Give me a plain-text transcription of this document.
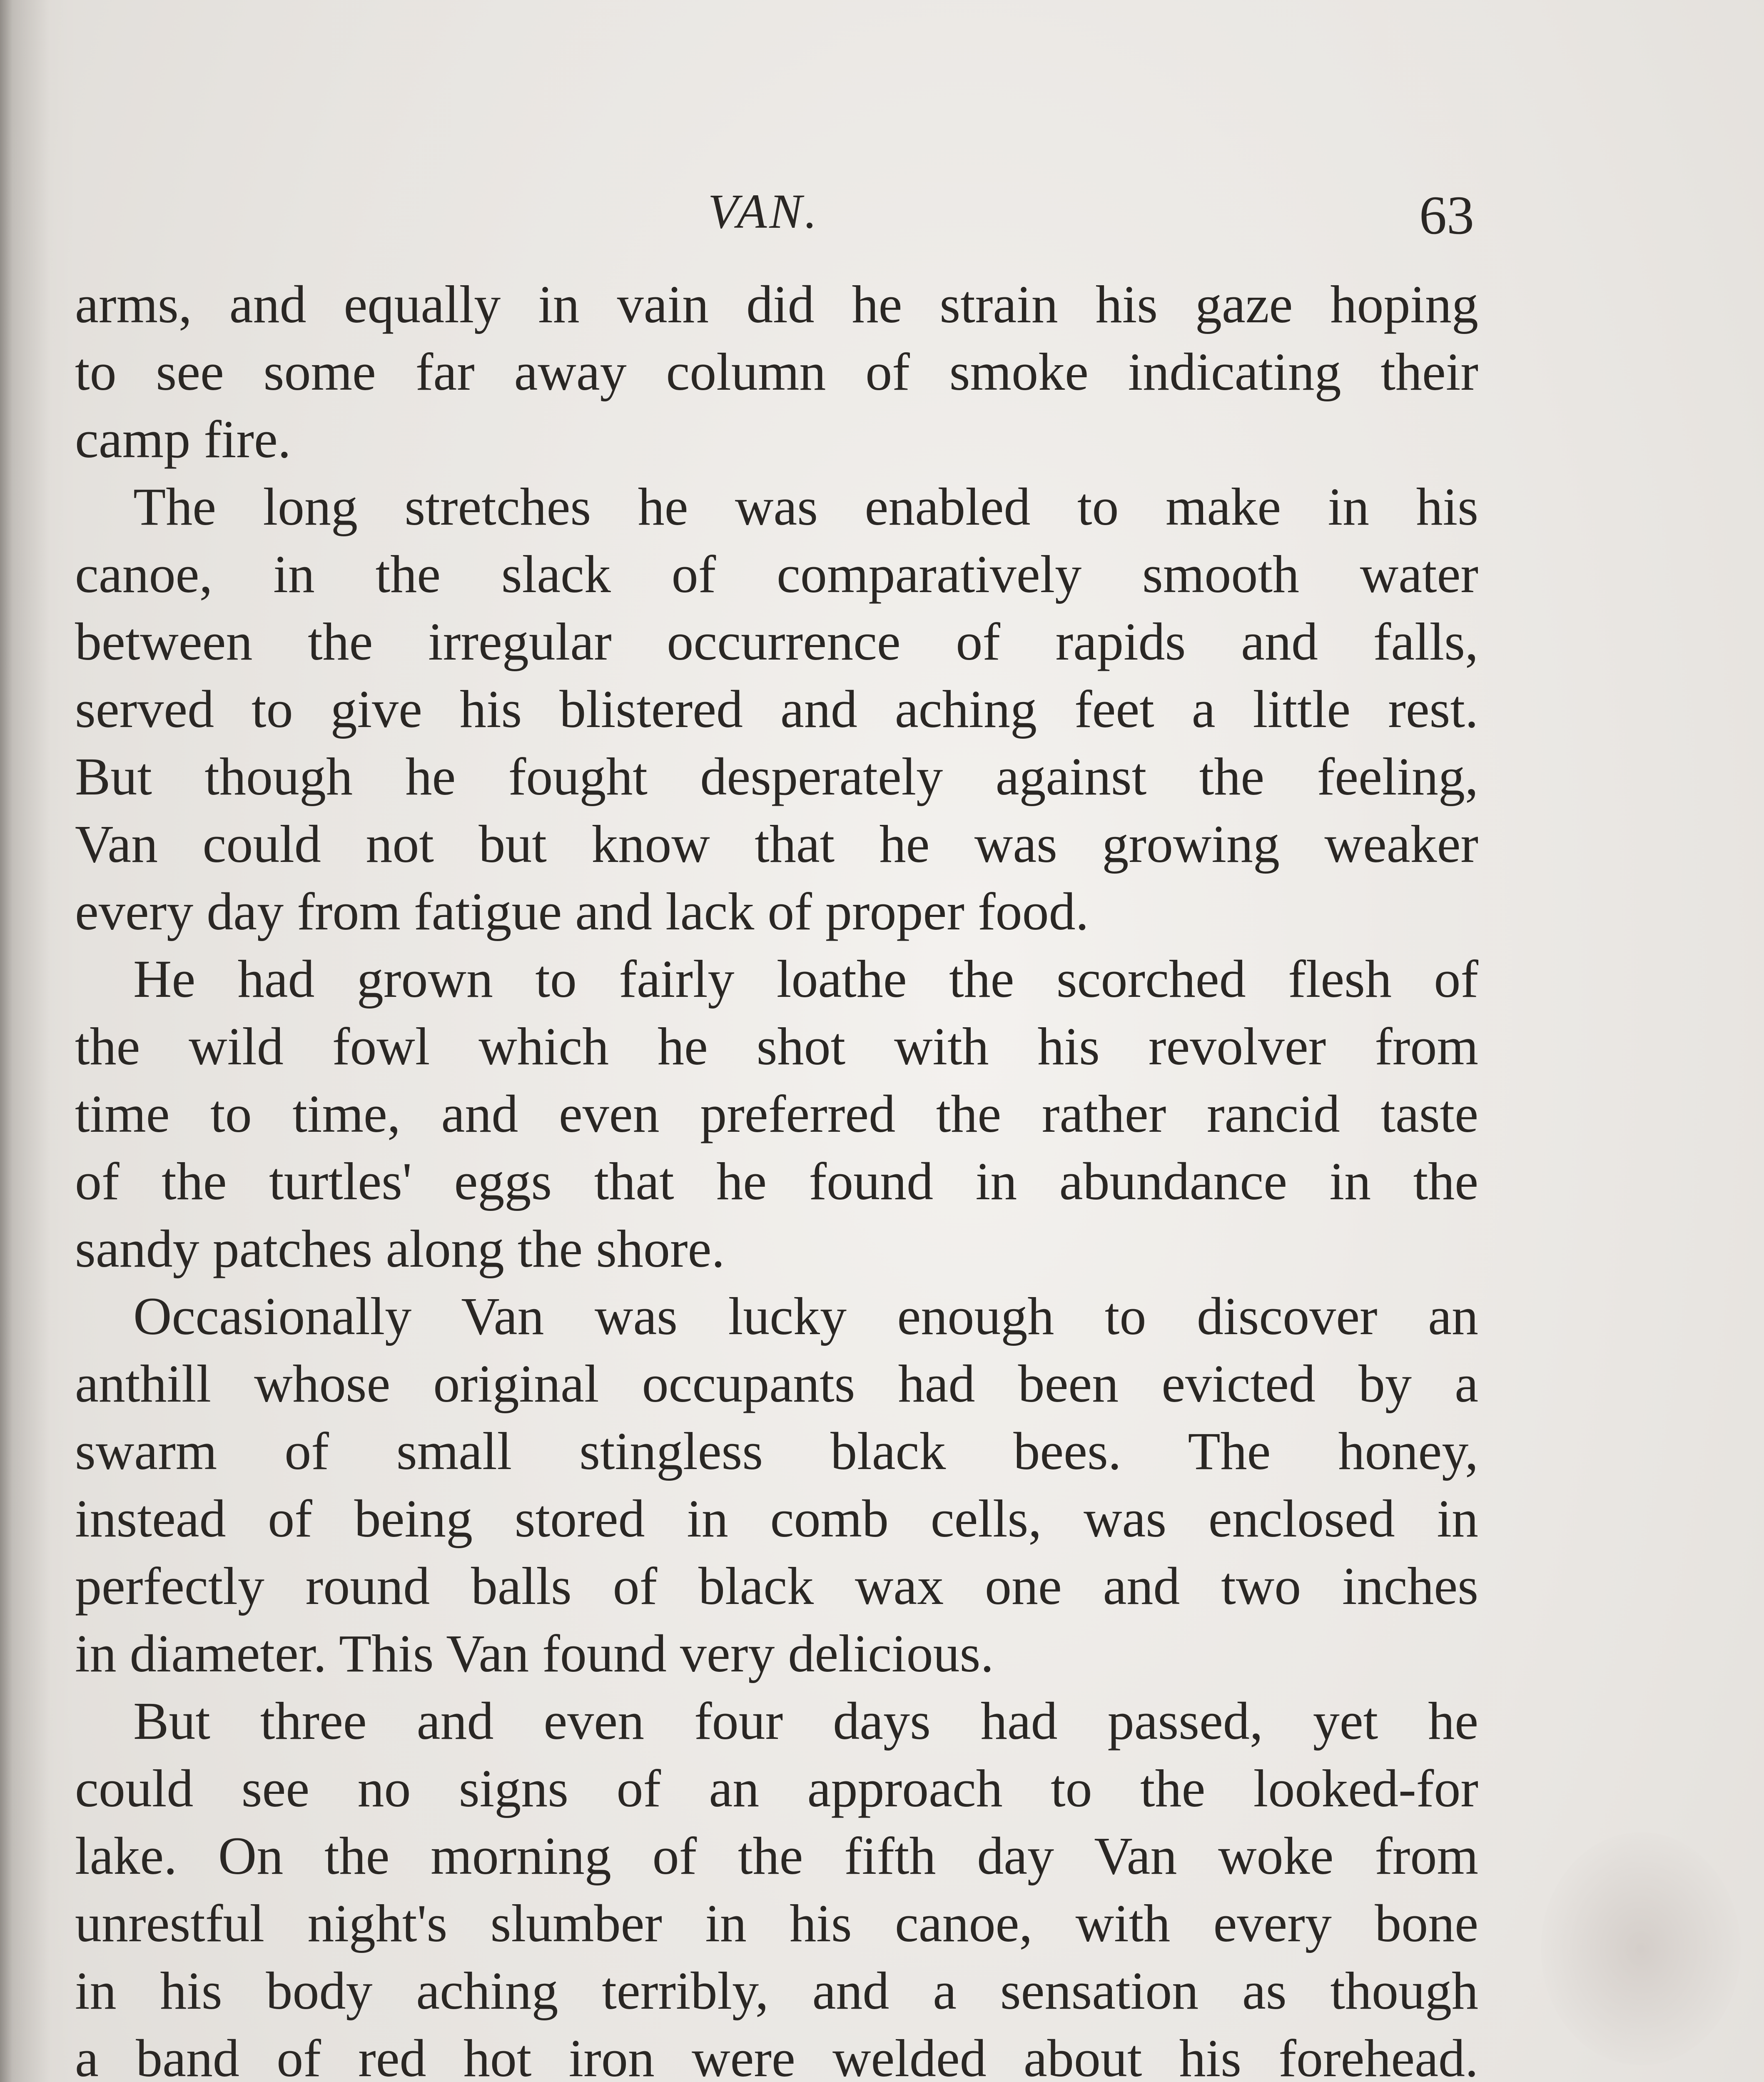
VAN.	63
arms, and equally in vain did he strain his gaze hoping
to see some far away column of smoke indicating their
camp fire.
The long stretches he was enabled to make in his
canoe, in the slack of comparatively smooth water
between the irregular occurrence of rapids and falls,
served to give his blistered and aching feet a little rest.
But though he fought desperately against the feeling,
Van could not but know that he was growing weaker
every day from fatigue and lack of proper food.
He had grown to fairly loathe the scorched flesh of
the wild fowl which he shot with his revolver from
time to time, and even preferred the rather rancid taste
of the turtles' eggs that he found in abundance in the
sandy patches along the shore.
Occasionally Van was lucky enough to discover an
anthill whose original occupants had been evicted by a
swarm of small stingless black bees. The honey,
instead of being stored in comb cells, was enclosed in
perfectly round balls of black wax one and two inches
in diameter. This Van found very delicious.
But three and even four days had passed, yet he
could see no signs of an approach to the looked-for
lake. On the morning of the fifth day Van woke from
unrestful night's slumber in his canoe, with every bone
in his body aching terribly, and a sensation as though
a band of red hot iron were welded about his forehead.
